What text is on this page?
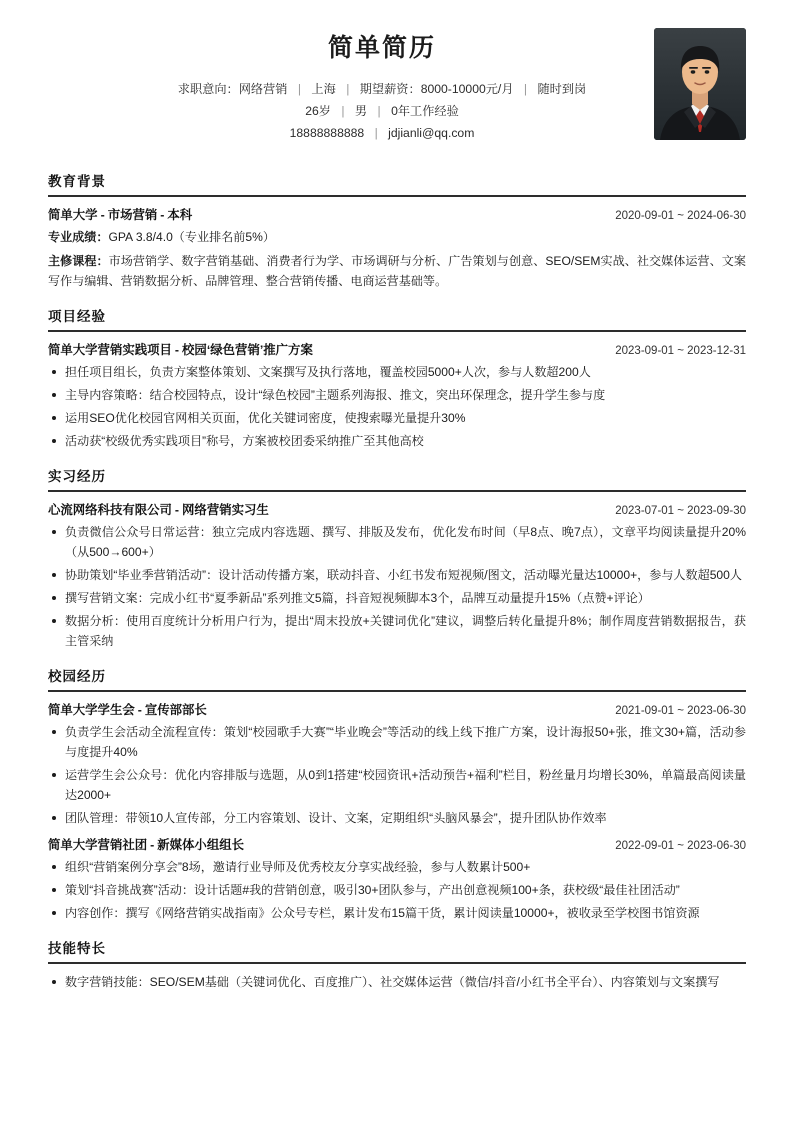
简单简历
求职意向：网络营销 | 上海 | 期望薪资：8000-10000元/月 | 随时到岗
26岁 | 男 | 0年工作经验
18888888888 | jdjianli@qq.com
教育背景
简单大学 - 市场营销 - 本科	2020-09-01 ~ 2024-06-30
专业成绩：GPA 3.8/4.0（专业排名前5%）
主修课程：市场营销学、数字营销基础、消费者行为学、市场调研与分析、广告策划与创意、SEO/SEM实战、社交媒体运营、文案写作与编辑、营销数据分析、品牌管理、整合营销传播、电商运营基础等。
项目经验
简单大学营销实践项目 - 校园‘绿色营销’推广方案	2023-09-01 ~ 2023-12-31
担任项目组长，负责方案整体策划、文案撰写及执行落地，覆盖校园5000+人次，参与人数超200人
主导内容策略：结合校园特点，设计“绿色校园”主题系列海报、推文，突出环保理念，提升学生参与度
运用SEO优化校园官网相关页面，优化关键词密度，使搜索曝光量提升30%
活动获“校级优秀实践项目”称号，方案被校团委采纳推广至其他高校
实习经历
心流网络科技有限公司 - 网络营销实习生	2023-07-01 ~ 2023-09-30
负责微信公众号日常运营：独立完成内容选题、撰写、排版及发布，优化发布时间（早8点、晚7点），文章平均阅读量提升20%（从500→600+）
协助策划“毕业季营销活动”：设计活动传播方案，联动抖音、小红书发布短视频/图文，活动曝光量达10000+，参与人数超500人
撰写营销文案：完成小红书“夏季新品”系列推文5篇，抖音短视频脚本3个，品牌互动量提升15%（点赞+评论）
数据分析：使用百度统计分析用户行为，提出“周末投放+关键词优化”建议，调整后转化量提升8%；制作周度营销数据报告，获主管采纳
校园经历
简单大学学生会 - 宣传部部长	2021-09-01 ~ 2023-06-30
负责学生会活动全流程宣传：策划“校园歌手大赛”“毕业晚会”等活动的线上线下推广方案，设计海报50+张，推文30+篇，活动参与度提升40%
运营学生会公众号：优化内容排版与选题，从0到1搭建“校园资讯+活动预告+福利”栏目，粉丝量月均增长30%，单篇最高阅读量达2000+
团队管理：带领10人宣传部，分工内容策划、设计、文案，定期组织“头脑风暴会”，提升团队协作效率
简单大学营销社团 - 新媒体小组组长	2022-09-01 ~ 2023-06-30
组织“营销案例分享会”8场，邀请行业导师及优秀校友分享实战经验，参与人数累计500+
策划“抖音挑战赛”活动：设计话题#我的营销创意，吸引30+团队参与，产出创意视频100+条，获校级“最佳社团活动”
内容创作：撰写《网络营销实战指南》公众号专栏，累计发布15篇干货，累计阅读量10000+，被收录至学校图书馆资源
技能特长
数字营销技能：SEO/SEM基础（关键词优化、百度推广）、社交媒体运营（微信/抖音/小红书全平台）、内容策划与文案撰写
